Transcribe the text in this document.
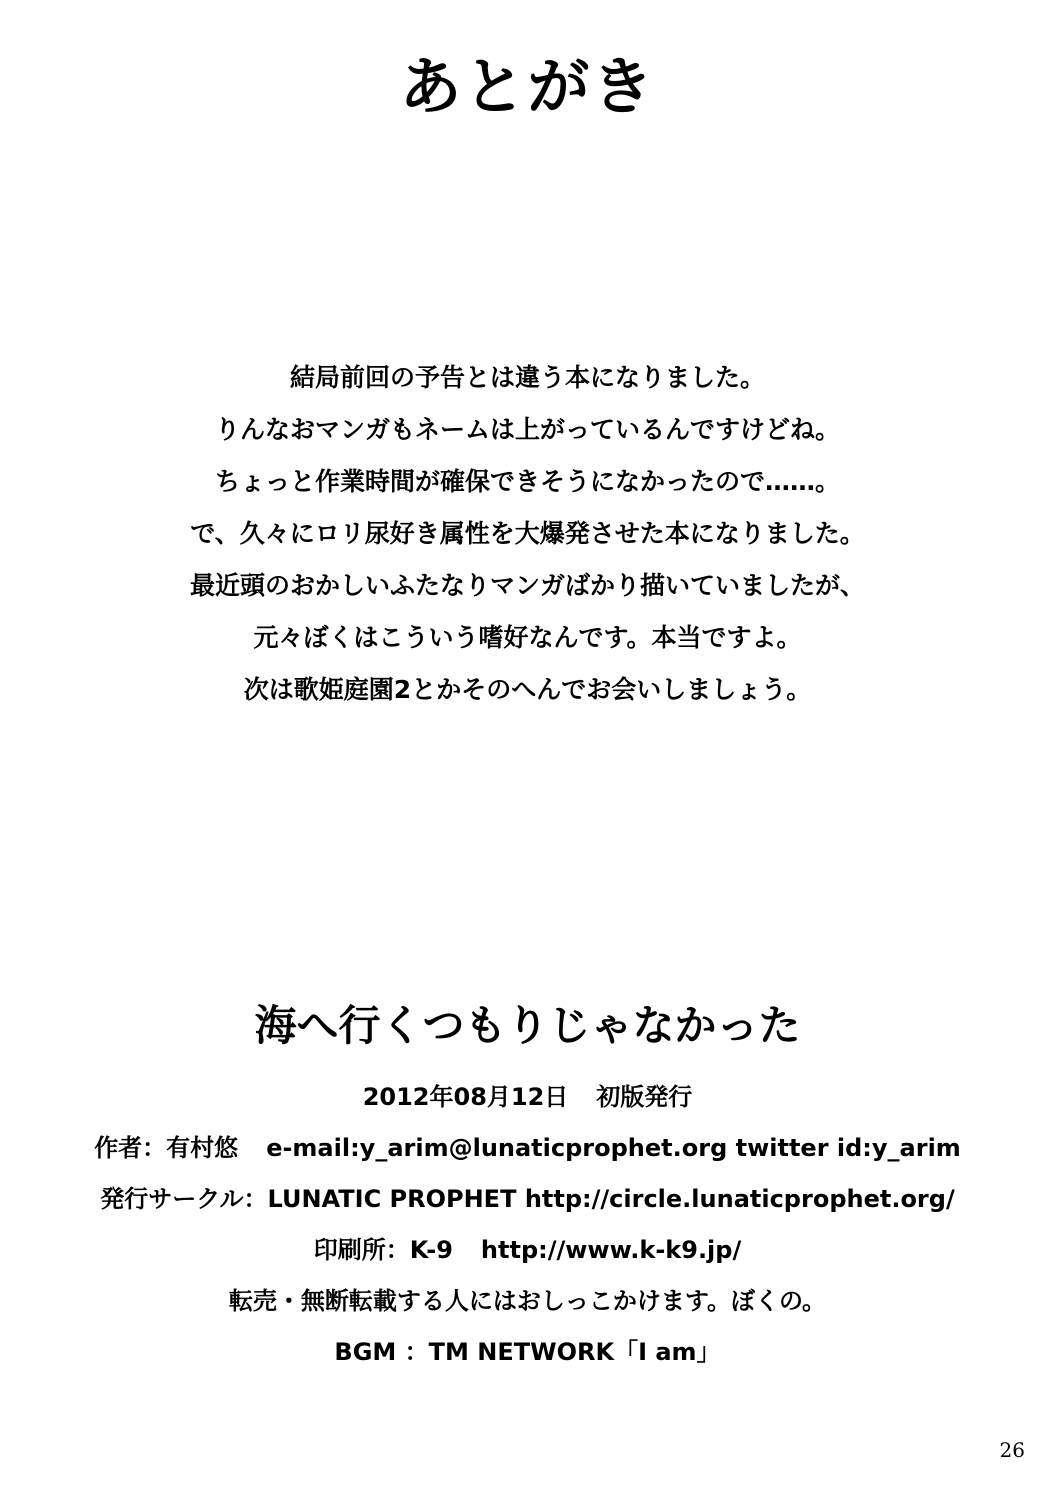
あとがき
結局前回の予告とは違う本になりました。
りんなおマンガもネームは上がっているんですけどね。
ちょっと作業時間が確保できそうになかったので……。
で、久々にロリ尿好き属性を大爆発させた本になりました。
最近頭のおかしいふたなりマンガばかり描いていましたが、
元々ぼくはこういう嗜好なんです。本当ですよ。
次は歌姫庭園2とかそのへんでお会いしましょう。
海へ行くつもりじゃなかった
2012年08月12日 初版発行
作者：有村悠 e-mail:y_arim@lunaticprophet.org twitter id:y_arim
発行サークル：LUNATIC PROPHET http://circle.lunaticprophet.org/
印刷所：K-9 http://www.k-k9.jp/
転売・無断転載する人にはおしっこかけます。ぼくの。
BGM ：TM NETWORK「I am」
26
